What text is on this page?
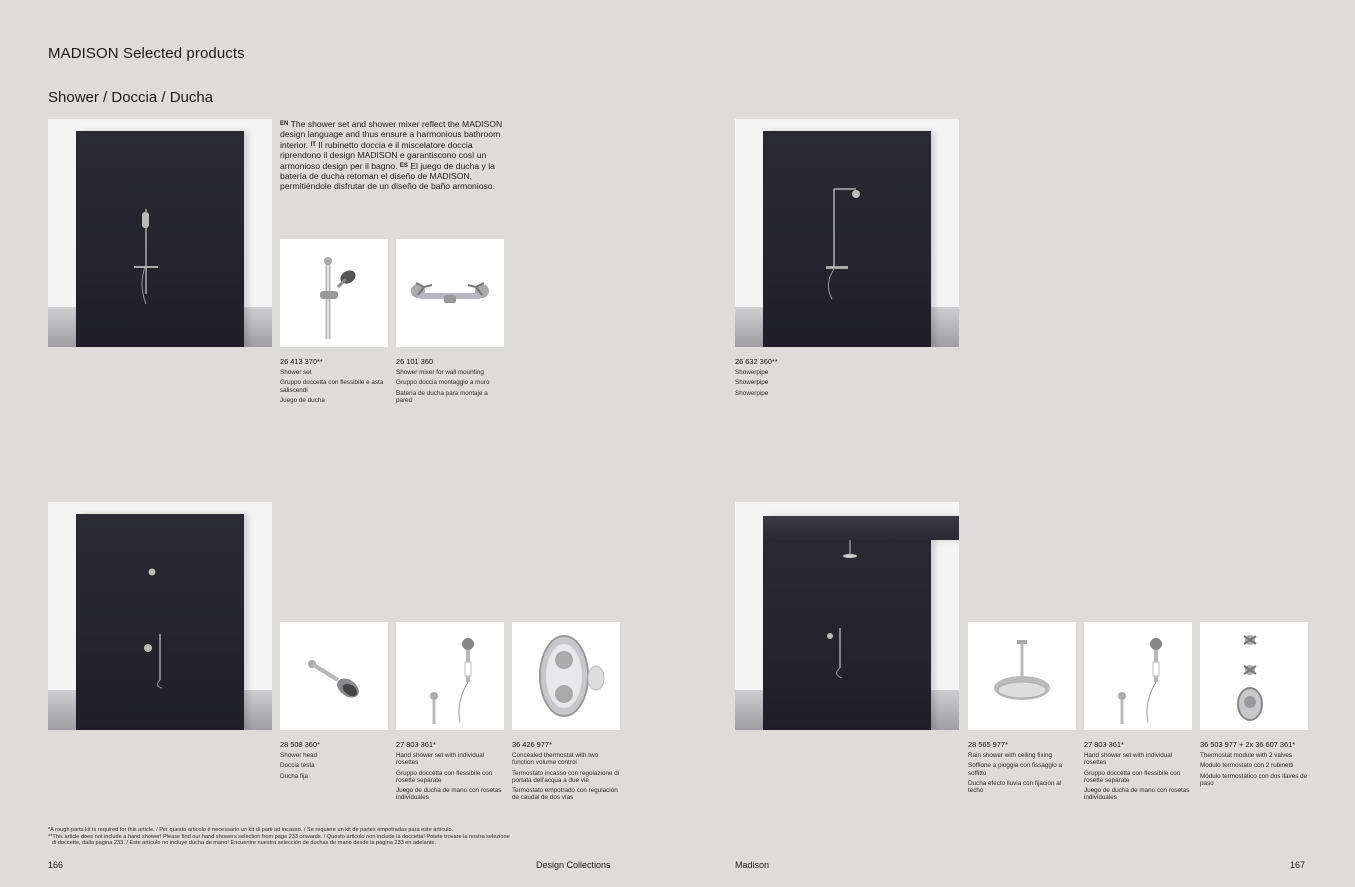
MADISON Selected products
Shower / Doccia / Ducha
$^{EN}$ The shower set and shower mixer reflect the MADISON design language and thus ensure a harmonious bathroom interior. $^{IT}$ Il rubinetto doccia e il miscelatore doccia riprendono il design MADISON e garantiscono così un armonioso design per il bagno. $^{ES}$ El juego de ducha y la batería de ducha retoman el diseño de MADISON, permitiéndole disfrutar de un diseño de baño armonioso.
26 413 370**
Shower set
Gruppo doccetta con flessibile e asta saliscendi
Juego de ducha
26 101 360
Shower mixer for wall mounting
Gruppo doccia montaggio a muro
Batería de ducha para montaje a pared
26 632 360**
Showerpipe
Showerpipe
Showerpipe
28 508 360*
Shower head
Doccia testa
Ducha fija
27 803 361*
Hand shower set with individual rosettes
Gruppo doccetta con flessibile con rosette separate
Juego de ducha de mano con rosetas individuales
36 426 977*
Concealed thermostat with two function volume control
Termostato incasso con regolazione di portata dell'acqua a due vie
Termostato empotrado con regulación de caudal de dos vías
28 565 977*
Rain shower with ceiling fixing
Soffione a pioggia con fissaggio a soffitto
Ducha efecto lluvia con fijación al techo
27 803 361*
Hand shower set with individual rosettes
Gruppo doccetta con flessibile con rosette separate
Juego de ducha de mano con rosetas individuales
36 503 977 + 2x 36 607 361*
Thermostat module with 2 valves
Modulo termostato con 2 rubinetti
Módulo termostático con dos llaves de paso
*A rough parts kit is required for this article. / Per questo articolo è necessario un kit di parti ad incasso. / Se requiere un kit de partes empotradas para este artículo.
**This article does not include a hand shower! Please find our hand showers selection from page 233 onwards. / Questo articolo non include la doccetta! Potete trovare la nostra selezione
di doccette, dalla pagina 233. / Este artículo no incluye ducha de mano! Encuentre nuestra selección de duchas de mano desde la página 233 en adelante.
166	Design Collections	Madison	167
